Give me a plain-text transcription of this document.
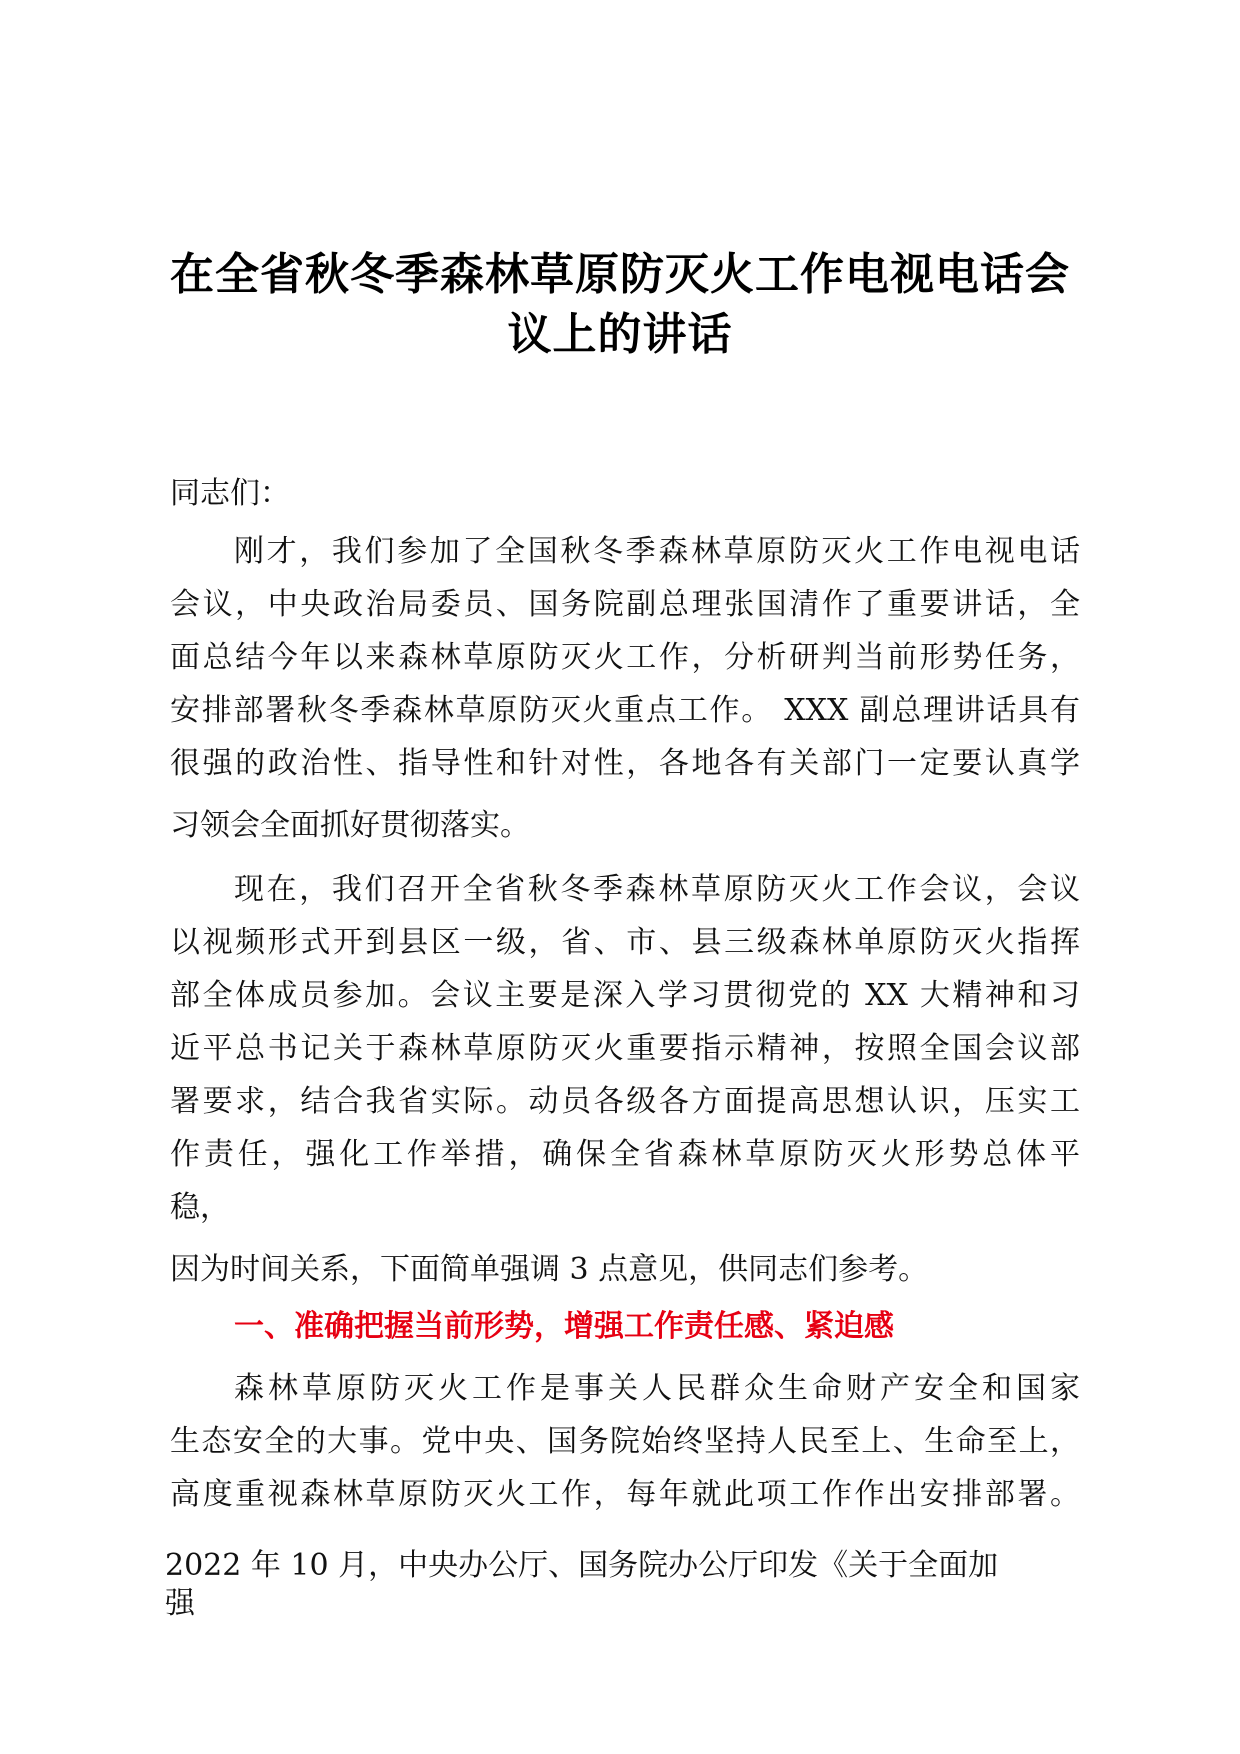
在全省秋冬季森林草原防灭火工作电视电话会
议上的讲话

同志们：

刚才，我们参加了全国秋冬季森林草原防灭火工作电视电话

会议，中央政治局委员、国务院副总理张国清作了重要讲话，全

面总结今年以来森林草原防灭火工作，分析研判当前形势任务，

安排部署秋冬季森林草原防灭火重点工作。 XXX 副总理讲话具有

很强的政治性、指导性和针对性，各地各有关部门一定要认真学

习领会全面抓好贯彻落实。

现在，我们召开全省秋冬季森林草原防灭火工作会议，会议

以视频形式开到县区一级，省、市、县三级森林单原防灭火指挥

部全体成员参加。会议主要是深入学习贯彻党的 XX 大精神和习

近平总书记关于森林草原防灭火重要指示精神，按照全国会议部

署要求，结合我省实际。动员各级各方面提高思想认识，压实工

作责任，强化工作举措，确保全省森林草原防灭火形势总体平

稳，

因为时间关系，下面简单强调 3 点意见，供同志们参考。

一、准确把握当前形势，增强工作责任感、紧迫感

森林草原防灭火工作是事关人民群众生命财产安全和国家

生态安全的大事。党中央、国务院始终坚持人民至上、生命至上，

高度重视森林草原防灭火工作，每年就此项工作作出安排部署。

2022 年 10 月，中央办公厅、国务院办公厅印发《关于全面加

强
